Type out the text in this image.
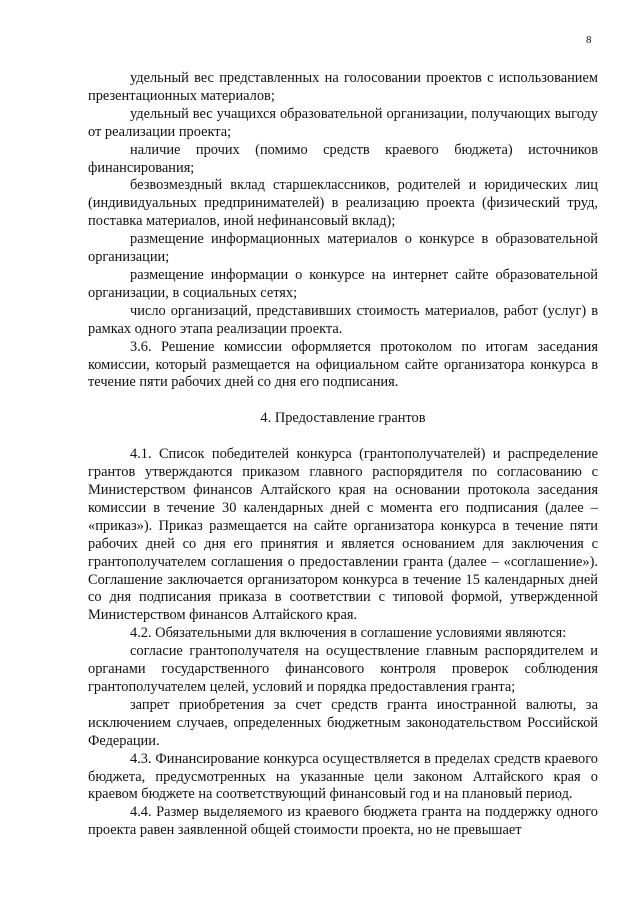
8

удельный вес представленных на голосовании проектов с использованием презентационных материалов;

удельный вес учащихся образовательной организации, получающих выгоду от реализации проекта;

наличие прочих (помимо средств краевого бюджета) источников финансирования;

безвозмездный вклад старшеклассников, родителей и юридических лиц (индивидуальных предпринимателей) в реализацию проекта (физический труд, поставка материалов, иной нефинансовый вклад);

размещение информационных материалов о конкурсе в образовательной организации;

размещение информации о конкурсе на интернет сайте образовательной организации, в социальных сетях;

число организаций, представивших стоимость материалов, работ (услуг) в рамках одного этапа реализации проекта.

3.6. Решение комиссии оформляется протоколом по итогам заседания комиссии, который размещается на официальном сайте организатора конкурса в течение пяти рабочих дней со дня его подписания.

4. Предоставление грантов

4.1. Список победителей конкурса (грантополучателей) и распределение грантов утверждаются приказом главного распорядителя по согласованию с Министерством финансов Алтайского края на основании протокола заседания комиссии в течение 30 календарных дней с момента его подписания (далее – «приказ»). Приказ размещается на сайте организатора конкурса в течение пяти рабочих дней со дня его принятия и является основанием для заключения с грантополучателем соглашения о предоставлении гранта (далее – «соглашение»). Соглашение заключается организатором конкурса в течение 15 календарных дней со дня подписания приказа в соответствии с типовой формой, утвержденной Министерством финансов Алтайского края.

4.2. Обязательными для включения в соглашение условиями являются:

согласие грантополучателя на осуществление главным распорядителем и органами государственного финансового контроля проверок соблюдения грантополучателем целей, условий и порядка предоставления гранта;

запрет приобретения за счет средств гранта иностранной валюты, за исключением случаев, определенных бюджетным законодательством Российской Федерации.

4.3. Финансирование конкурса осуществляется в пределах средств краевого бюджета, предусмотренных на указанные цели законом Алтайского края о краевом бюджете на соответствующий финансовый год и на плановый период.

4.4. Размер выделяемого из краевого бюджета гранта на поддержку одного проекта равен заявленной общей стоимости проекта, но не превышает
